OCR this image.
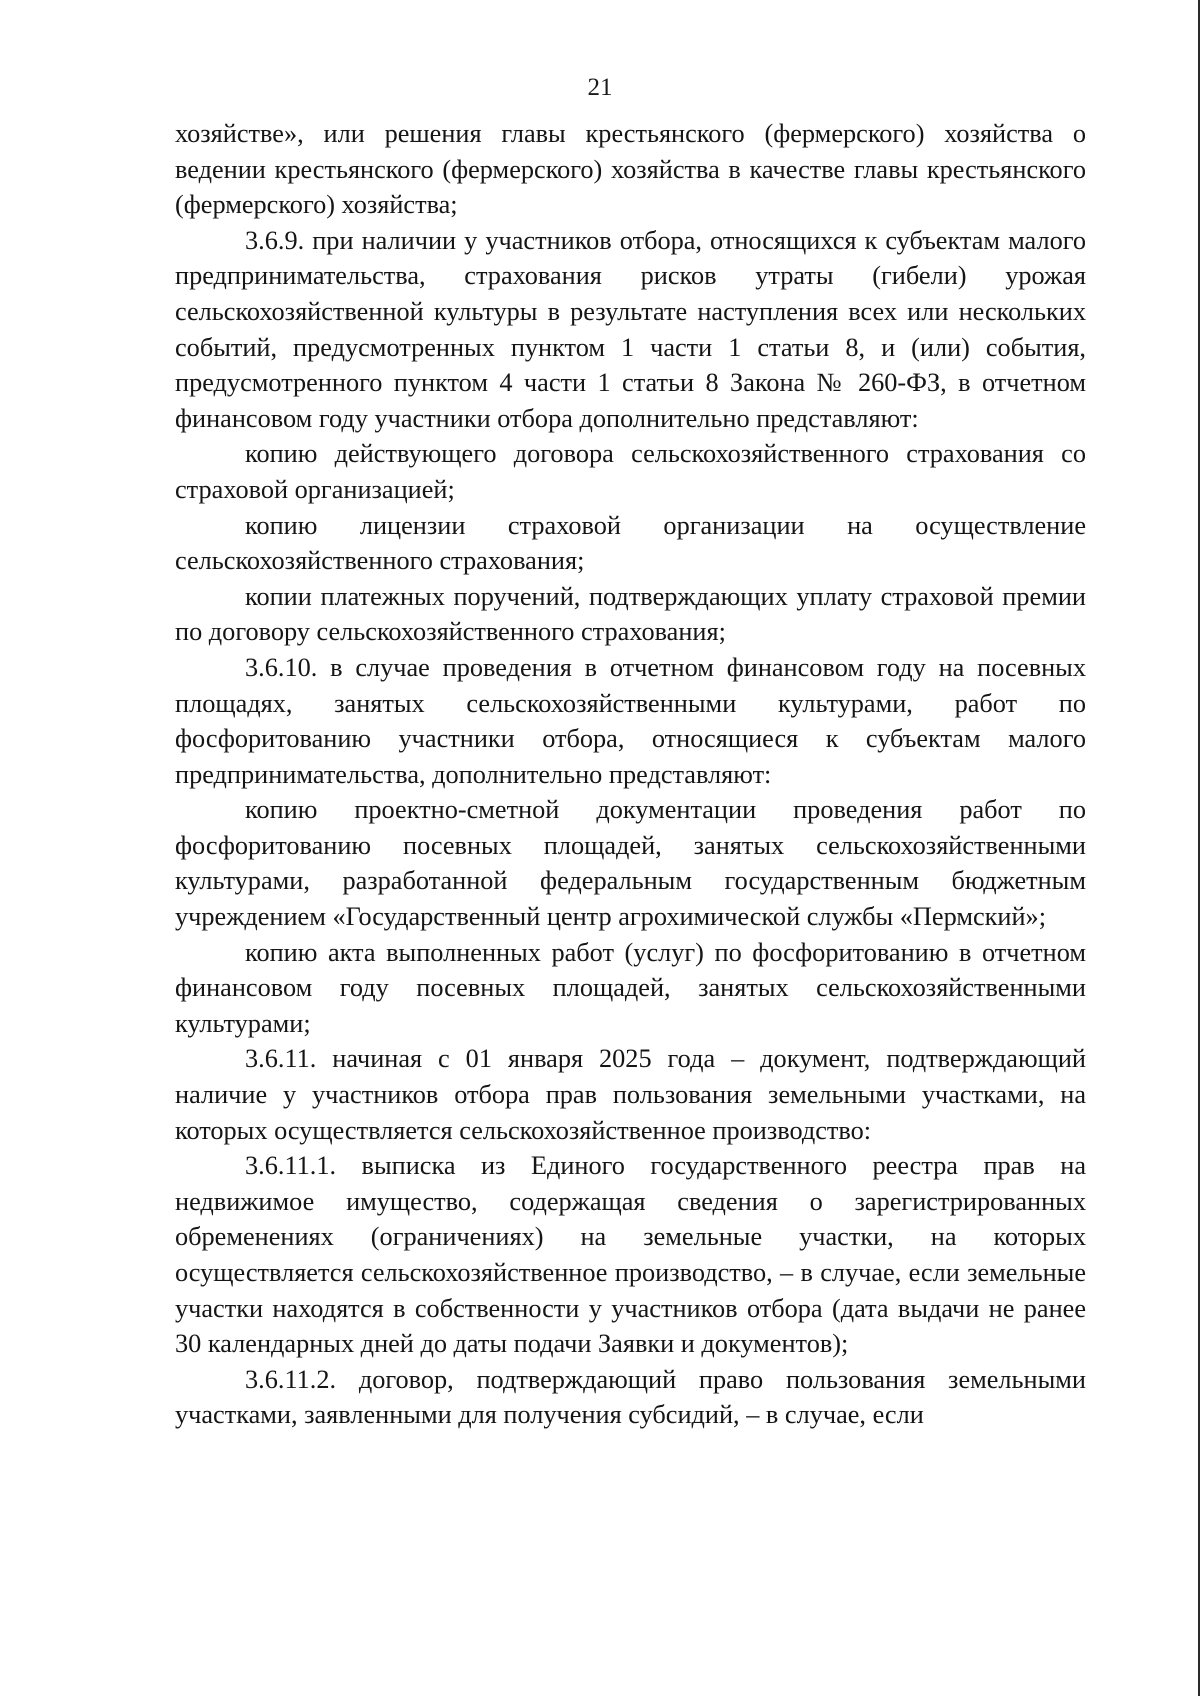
21

хозяйстве», или решения главы крестьянского (фермерского) хозяйства о ведении крестьянского (фермерского) хозяйства в качестве главы крестьянского (фермерского) хозяйства;

3.6.9. при наличии у участников отбора, относящихся к субъектам малого предпринимательства, страхования рисков утраты (гибели) урожая сельскохозяйственной культуры в результате наступления всех или нескольких событий, предусмотренных пунктом 1 части 1 статьи 8, и (или) события, предусмотренного пунктом 4 части 1 статьи 8 Закона № 260-ФЗ, в отчетном финансовом году участники отбора дополнительно представляют:

копию действующего договора сельскохозяйственного страхования со страховой организацией;

копию лицензии страховой организации на осуществление сельскохозяйственного страхования;

копии платежных поручений, подтверждающих уплату страховой премии по договору сельскохозяйственного страхования;

3.6.10. в случае проведения в отчетном финансовом году на посевных площадях, занятых сельскохозяйственными культурами, работ по фосфоритованию участники отбора, относящиеся к субъектам малого предпринимательства, дополнительно представляют:

копию проектно-сметной документации проведения работ по фосфоритованию посевных площадей, занятых сельскохозяйственными культурами, разработанной федеральным государственным бюджетным учреждением «Государственный центр агрохимической службы «Пермский»;

копию акта выполненных работ (услуг) по фосфоритованию в отчетном финансовом году посевных площадей, занятых сельскохозяйственными культурами;

3.6.11. начиная с 01 января 2025 года – документ, подтверждающий наличие у участников отбора прав пользования земельными участками, на которых осуществляется сельскохозяйственное производство:

3.6.11.1. выписка из Единого государственного реестра прав на недвижимое имущество, содержащая сведения о зарегистрированных обременениях (ограничениях) на земельные участки, на которых осуществляется сельскохозяйственное производство, – в случае, если земельные участки находятся в собственности у участников отбора (дата выдачи не ранее 30 календарных дней до даты подачи Заявки и документов);

3.6.11.2. договор, подтверждающий право пользования земельными участками, заявленными для получения субсидий, – в случае, если
